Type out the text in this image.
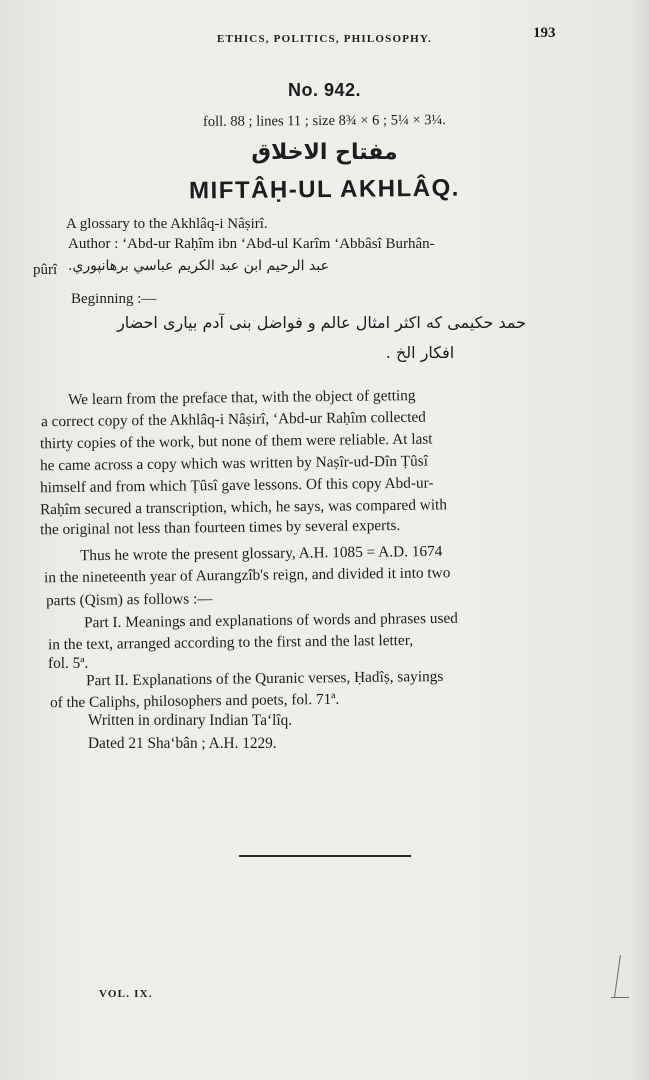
ETHICS, POLITICS, PHILOSOPHY.	193
No. 942.
foll. 88 ; lines 11 ; size 8¾ × 6 ; 5¼ × 3¼.
مفتاح الاخلاق
MIFTÂḤ-UL AKHLÂQ.
A glossary to the Akhlâq-i Nâṣirî.
Author : ‘Abd-ur Raḥîm ibn ‘Abd-ul Karîm ‘Abbâsî Burhân-
pûrî عبد الرحيم ابن عبد الكريم عباسي برهانپوري.
Beginning :—
حمد حكيمى كه اكثر امثال عالم و فواضل بنى آدم بيارى احضار
افكار الخ .
We learn from the preface that, with the object of getting
a correct copy of the Akhlâq-i Nâṣirî, ‘Abd-ur Raḥîm collected
thirty copies of the work, but none of them were reliable. At last
he came across a copy which was written by Naṣîr-ud-Dîn Ṭûsî
himself and from which Ṭûsî gave lessons. Of this copy Abd-ur-
Raḥîm secured a transcription, which, he says, was compared with
the original not less than fourteen times by several experts.
Thus he wrote the present glossary, A.H. 1085 = A.D. 1674
in the nineteenth year of Aurangzîb's reign, and divided it into two
parts (Qism) as follows :—
Part I. Meanings and explanations of words and phrases used
in the text, arranged according to the first and the last letter,
fol. 5ª.
Part II. Explanations of the Quranic verses, Ḥadîṣ, sayings
of the Caliphs, philosophers and poets, fol. 71ª.
Written in ordinary Indian Ta‘lîq.
Dated 21 Sha‘bân ; A.H. 1229.
VOL. IX.
